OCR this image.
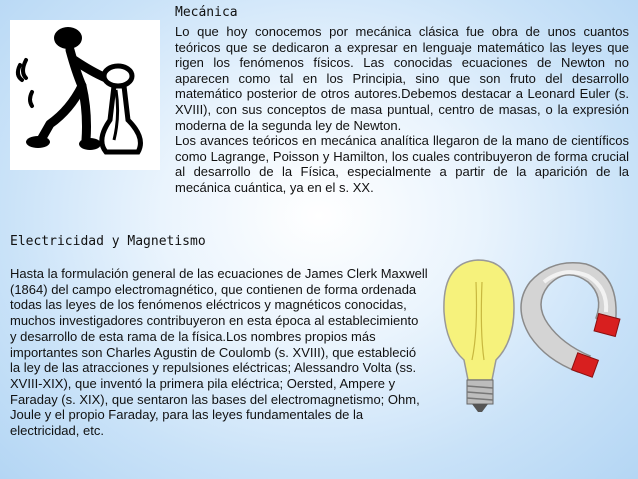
Mecánica

Lo que hoy conocemos por mecánica clásica fue obra de unos cuantos teóricos que se dedicaron a expresar en lenguaje matemático las leyes que rigen los fenómenos físicos. Las conocidas ecuaciones de Newton no aparecen como tal en los Principia, sino que son fruto del desarrollo matemático posterior de otros autores.Debemos destacar a Leonard Euler (s. XVIII), con sus conceptos de masa puntual, centro de masas, o la expresión moderna de la segunda ley de Newton.

Los avances teóricos en mecánica analítica llegaron de la mano de científicos como Lagrange, Poisson y Hamilton, los cuales contribuyeron de forma crucial al desarrollo de la Física, especialmente a partir de la aparición de la mecánica cuántica, ya en el s. XX.

Electricidad y Magnetismo

Hasta la formulación general de las ecuaciones de James Clerk Maxwell (1864) del campo electromagnético, que contienen de forma ordenada todas las leyes de los fenómenos eléctricos y magnéticos conocidas, muchos investigadores contribuyeron en esta época al establecimiento y desarrollo de esta rama de la física.Los nombres propios más importantes son Charles Agustin de Coulomb (s. XVIII), que estableció la ley de las atracciones y repulsiones eléctricas; Alessandro Volta (ss. XVIII-XIX), que inventó la primera pila eléctrica; Oersted, Ampere y Faraday (s. XIX), que sentaron las bases del electromagnetismo; Ohm, Joule y el propio Faraday, para las leyes fundamentales de la electricidad, etc.
